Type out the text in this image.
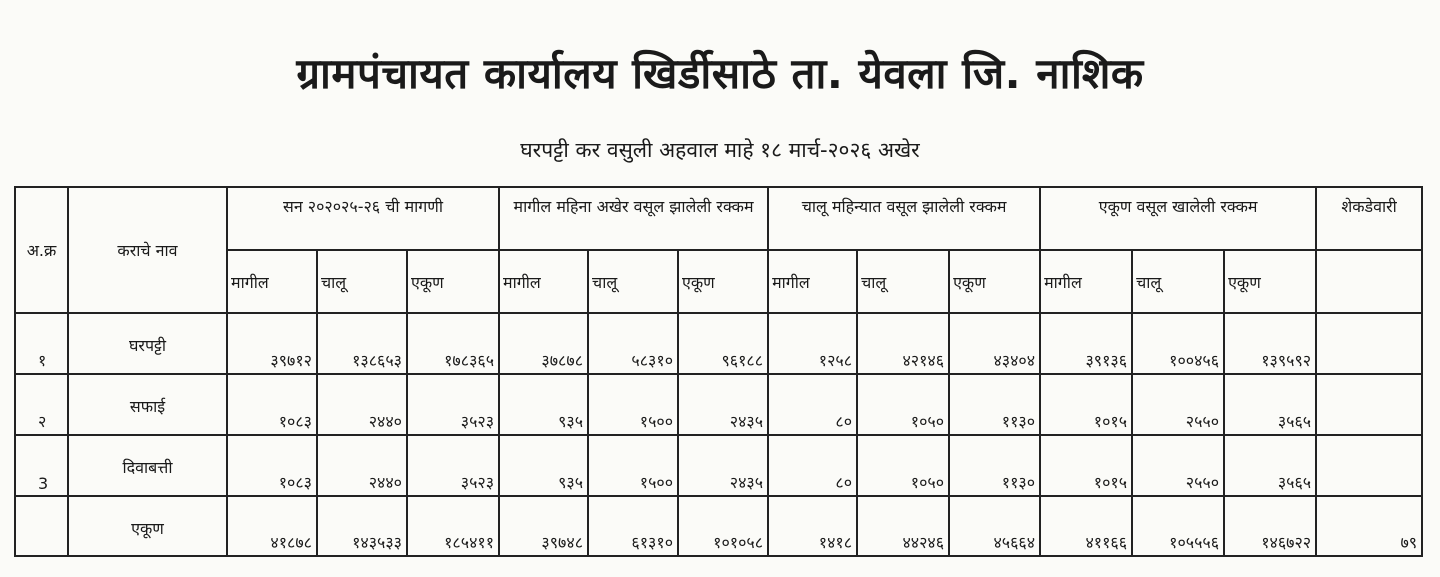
ग्रामपंचायत कार्यालय खिर्डीसाठे ता. येवला जि. नाशिक
घरपट्टी कर वसुली अहवाल माहे १८ मार्च-२०२६ अखेर
अ.क्र	कराचे नाव	सन २०२०२५-२६ ची मागणी			मागील महिना अखेर वसूल झालेली रक्कम			चालू महिन्यात वसूल झालेली रक्कम			एकूण वसूल खालेली रक्कम			शेकडेवारी
		मागील	चालू	एकूण	मागील	चालू	एकूण	मागील	चालू	एकूण	मागील	चालू	एकूण	
१	घरपट्टी	३९७१२	१३८६५३	१७८३६५	३७८७८	५८३१०	९६१८८	१२५८	४२१४६	४३४०४	३९१३६	१००४५६	१३९५९२	
२	सफाई	१०८३	२४४०	३५२३	९३५	१५००	२४३५	८०	१०५०	११३०	१०१५	२५५०	३५६५	
3	दिवाबत्ती	१०८३	२४४०	३५२३	९३५	१५००	२४३५	८०	१०५०	११३०	१०१५	२५५०	३५६५	
	एकूण	४१८७८	१४३५३३	१८५४११	३९७४८	६१३१०	१०१०५८	१४१८	४४२४६	४५६६४	४११६६	१०५५५६	१४६७२२	७९
